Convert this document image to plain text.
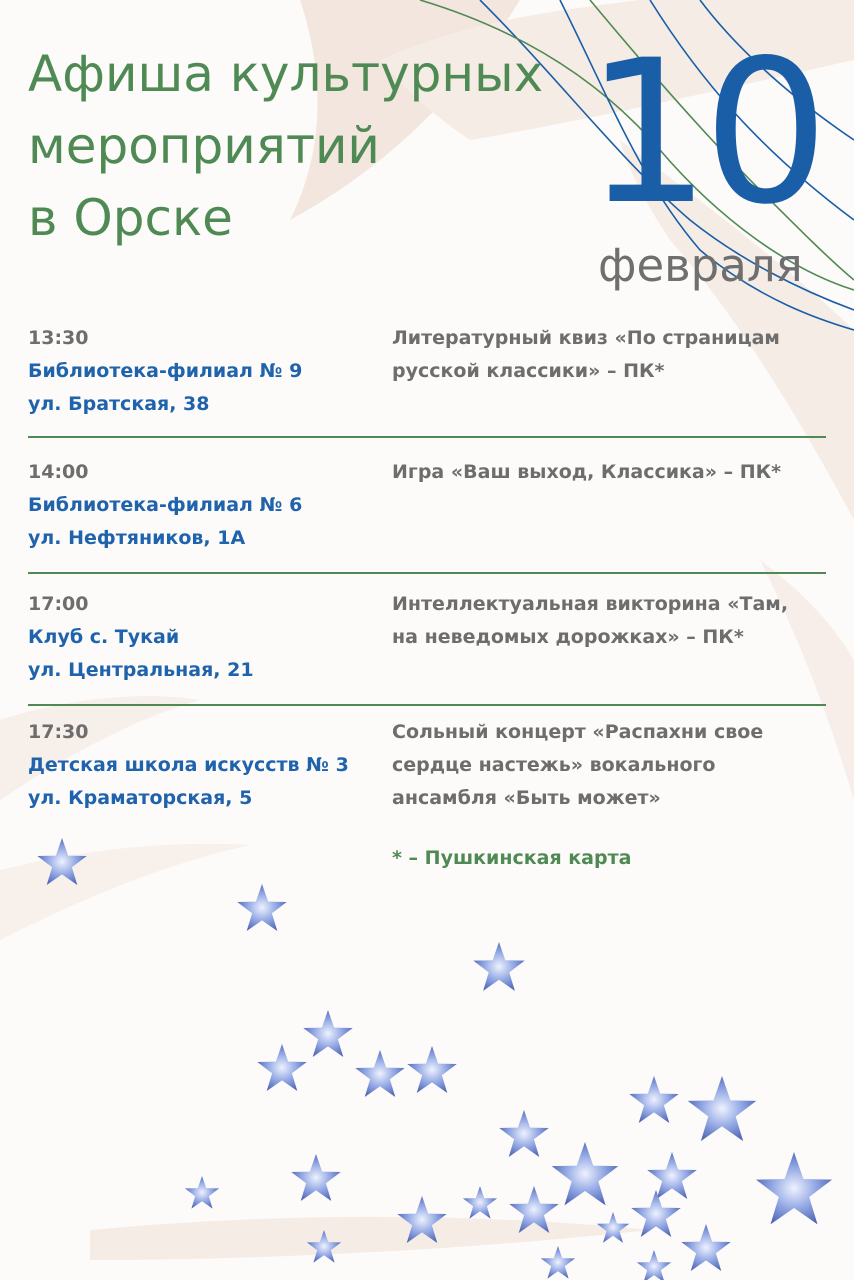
Афиша культурных
мероприятий
в Орске	10
февраля
13:30
Библиотека-филиал № 9
ул. Братская, 38
Литературный квиз «По страницам
русской классики» – ПК*
14:00
Библиотека-филиал № 6
ул. Нефтяников, 1А
Игра «Ваш выход, Классика» – ПК*
17:00
Клуб с. Тукай
ул. Центральная, 21
Интеллектуальная викторина «Там,
на неведомых дорожках» – ПК*
17:30
Детская школа искусств № 3
ул. Краматорская, 5
Сольный концерт «Распахни свое
сердце настежь» вокального
ансамбля «Быть может»
* – Пушкинская карта
